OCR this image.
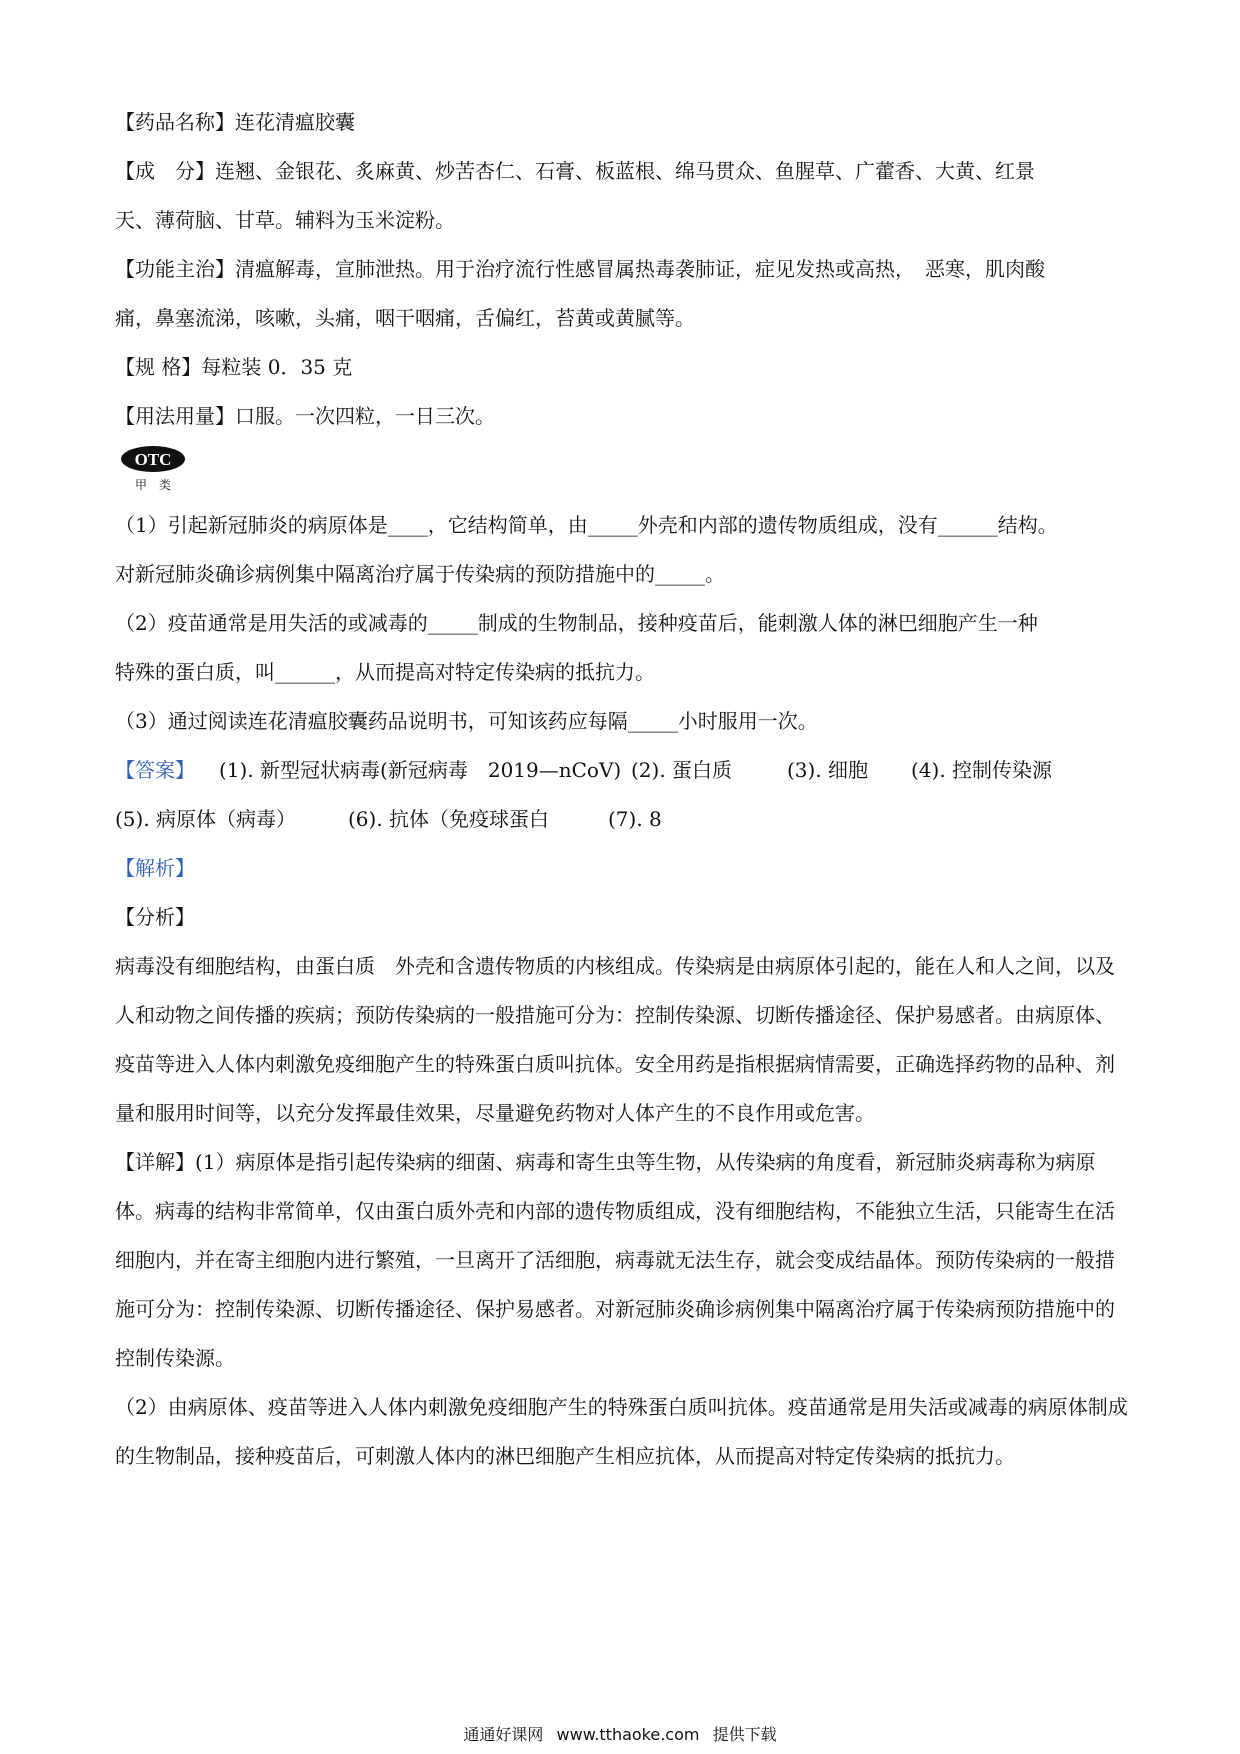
【药品名称】连花清瘟胶囊
【成　分】连翘、金银花、炙麻黄、炒苦杏仁、石膏、板蓝根、绵马贯众、鱼腥草、广藿香、大黄、红景
天、薄荷脑、甘草。辅料为玉米淀粉。
【功能主治】清瘟解毒，宣肺泄热。用于治疗流行性感冒属热毒袭肺证，症见发热或高热，　恶寒，肌肉酸
痛，鼻塞流涕，咳嗽，头痛，咽干咽痛，舌偏红，苔黄或黄腻等。
【规 格】每粒装 0．35 克
【用法用量】口服。一次四粒，一日三次。
OTC
甲　类
（1）引起新冠肺炎的病原体是____，它结构简单，由_____外壳和内部的遗传物质组成，没有______结构。
对新冠肺炎确诊病例集中隔离治疗属于传染病的预防措施中的_____。
（2）疫苗通常是用失活的或减毒的_____制成的生物制品，接种疫苗后，能刺激人体的淋巴细胞产生一种
特殊的蛋白质，叫______，从而提高对特定传染病的抵抗力。
（3）通过阅读连花清瘟胶囊药品说明书，可知该药应每隔_____小时服用一次。
【答案】	(1). 新型冠状病毒(新冠病毒　2019—nCoV) (2). 蛋白质	(3). 细胞	(4). 控制传染源
(5). 病原体（病毒）	(6). 抗体（免疫球蛋白	(7). 8
【解析】
【分析】

病毒没有细胞结构，由蛋白质　外壳和含遗传物质的内核组成。传染病是由病原体引起的，能在人和人之间，以及人和动物之间传播的疾病；预防传染病的一般措施可分为：控制传染源、切断传播途径、保护易感者。由病原体、疫苗等进入人体内刺激免疫细胞产生的特殊蛋白质叫抗体。安全用药是指根据病情需要，正确选择药物的品种、剂量和服用时间等，以充分发挥最佳效果，尽量避免药物对人体产生的不良作用或危害。

【详解】(1）病原体是指引起传染病的细菌、病毒和寄生虫等生物，从传染病的角度看，新冠肺炎病毒称为病原体。病毒的结构非常简单，仅由蛋白质外壳和内部的遗传物质组成，没有细胞结构，不能独立生活，只能寄生在活细胞内，并在寄主细胞内进行繁殖，一旦离开了活细胞，病毒就无法生存，就会变成结晶体。预防传染病的一般措施可分为：控制传染源、切断传播途径、保护易感者。对新冠肺炎确诊病例集中隔离治疗属于传染病预防措施中的控制传染源。

（2）由病原体、疫苗等进入人体内刺激免疫细胞产生的特殊蛋白质叫抗体。疫苗通常是用失活或减毒的病原体制成的生物制品，接种疫苗后，可刺激人体内的淋巴细胞产生相应抗体，从而提高对特定传染病的抵抗力。

通通好课网 www.tthaoke.com 提供下载
